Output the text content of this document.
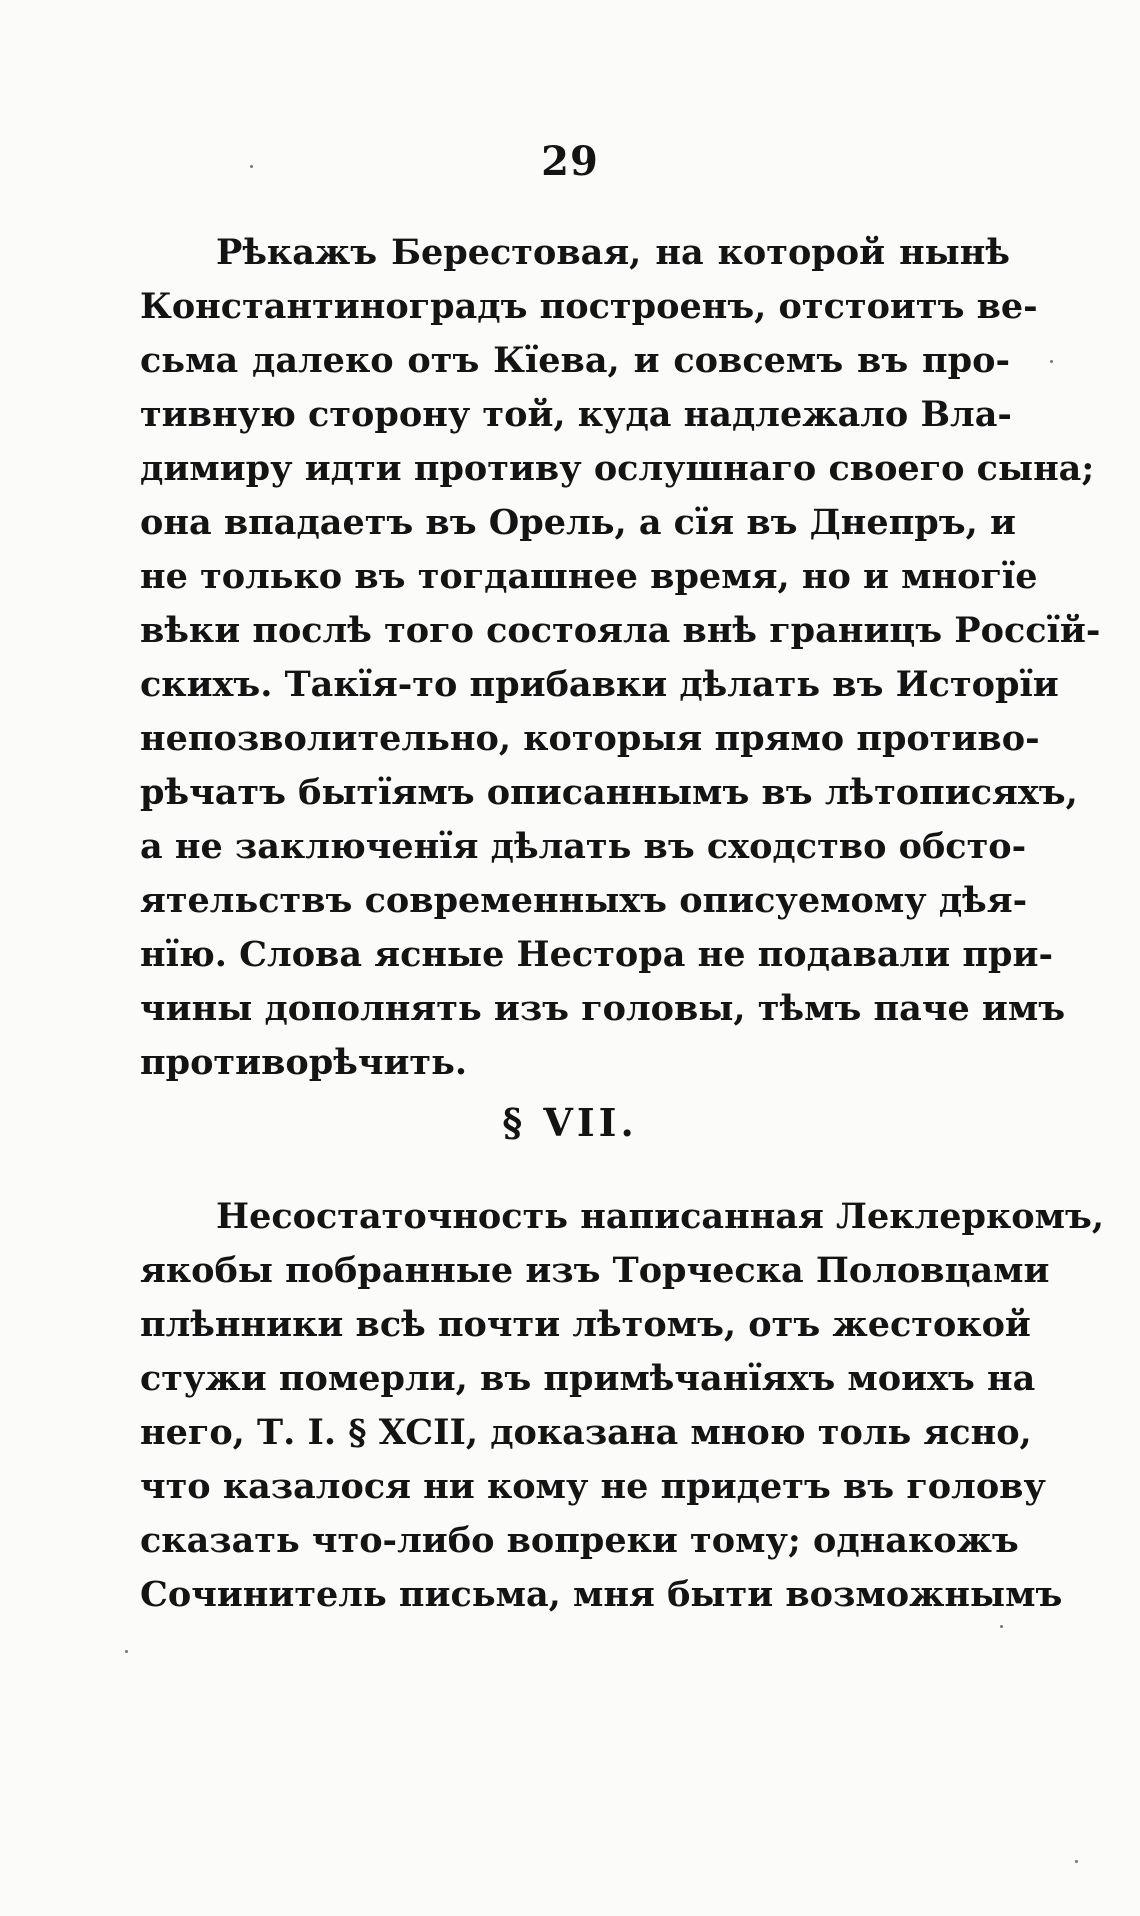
29
Рѣкажъ Берестовая, на которой нынѣ
Константиноградъ построенъ, отстоитъ ве-
сьма далеко отъ Кїева, и совсемъ въ про-
тивную сторону той, куда надлежало Вла-
димиру идти противу ослушнаго своего сына;
она впадаетъ въ Орель, а сїя въ Днепръ, и
не только въ тогдашнее время, но и многїе
вѣки послѣ того состояла внѣ границъ Россїй-
скихъ. Такїя-то прибавки дѣлать въ Исторїи
непозволительно, которыя прямо противо-
рѣчатъ бытїямъ описаннымъ въ лѣтописяхъ,
а не заключенїя дѣлать въ сходство обсто-
ятельствъ современныхъ описуемому дѣя-
нїю. Слова ясные Нестора не подавали при-
чины дополнять изъ головы, тѣмъ паче имъ
противорѣчить.
§ VII.
Несостаточность написанная Леклеркомъ,
якобы побранные изъ Торческа Половцами
плѣнники всѣ почти лѣтомъ, отъ жестокой
стужи померли, въ примѣчанїяхъ моихъ на
него, Т. I. § XCII, доказана мною толь ясно,
что казалося ни кому не придетъ въ голову
сказать что-либо вопреки тому; однакожъ
Сочинитель письма, мня быти возможнымъ
